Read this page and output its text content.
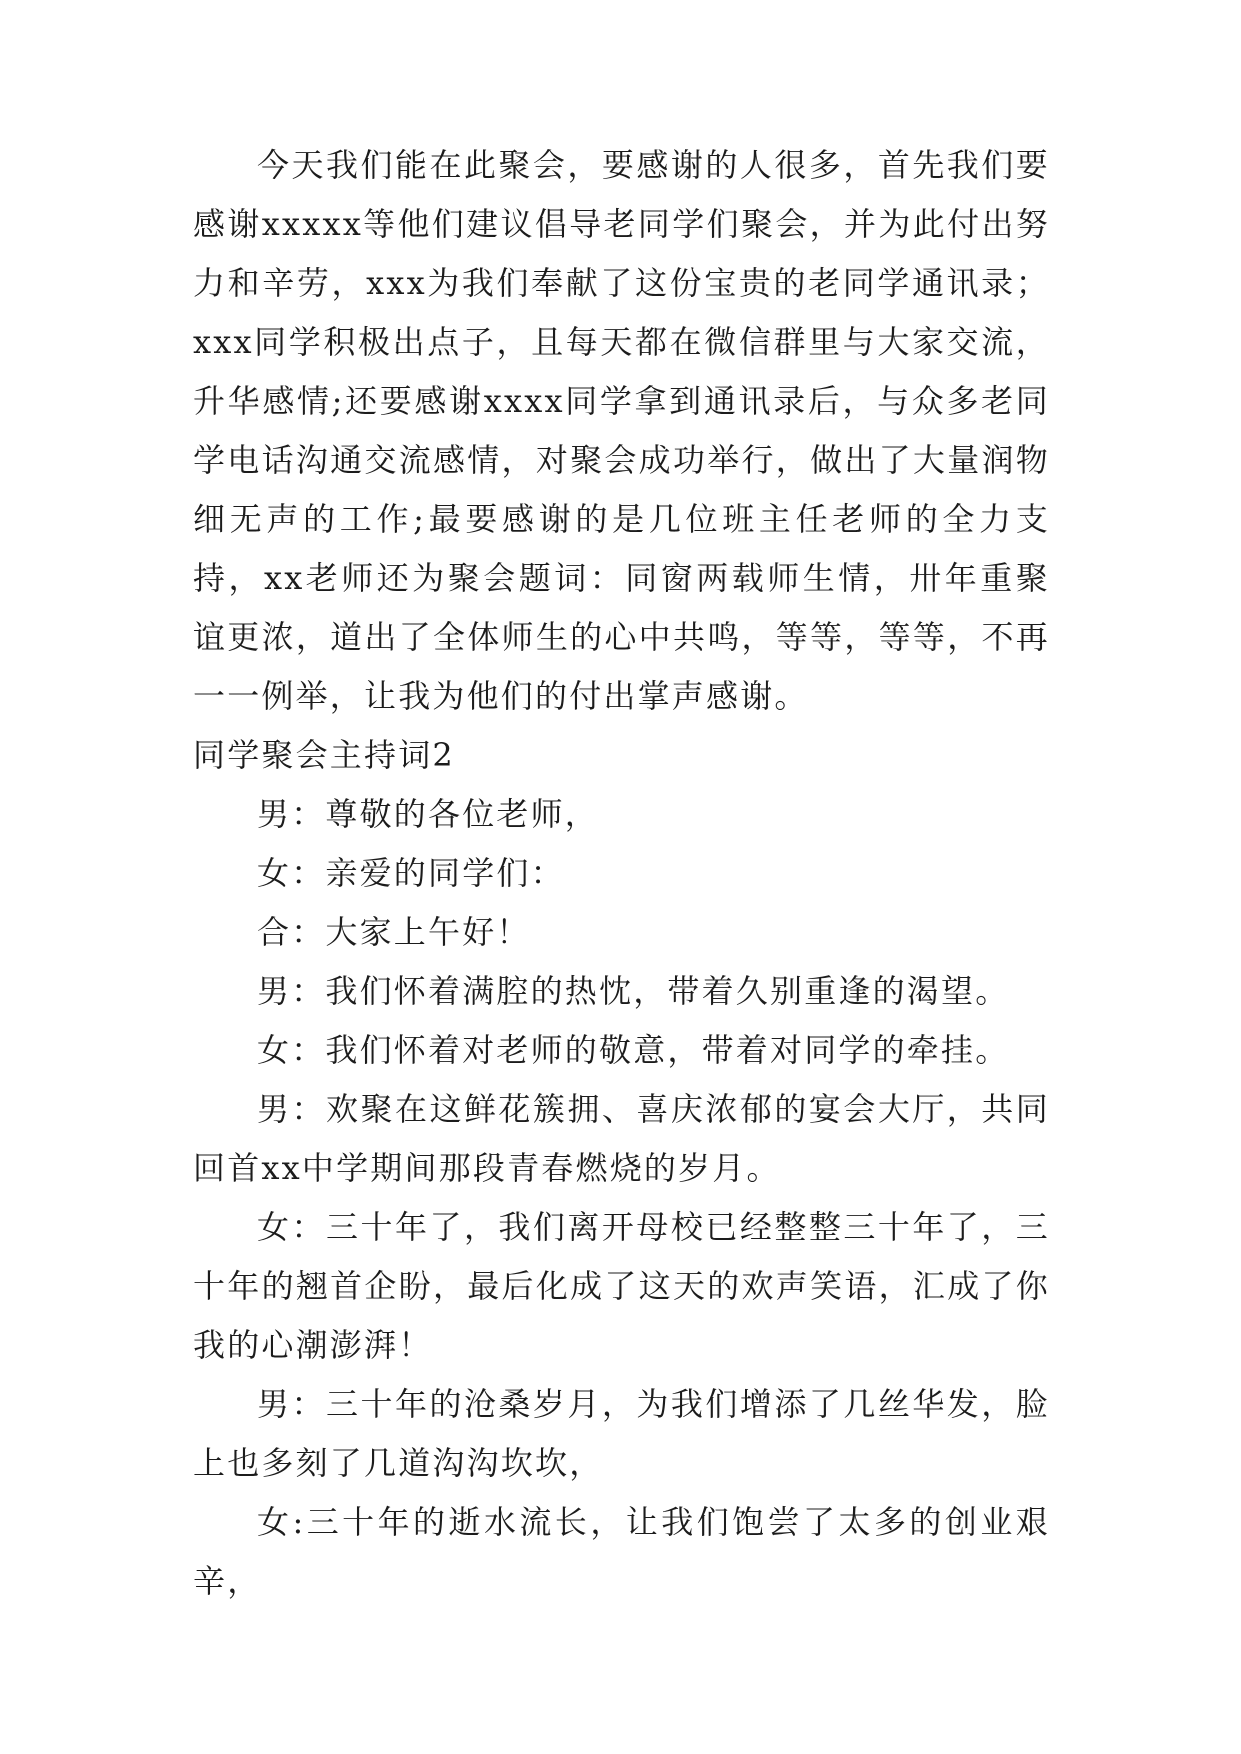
今天我们能在此聚会，要感谢的人很多，首先我们要感谢xxxxx等他们建议倡导老同学们聚会，并为此付出努力和辛劳，xxx为我们奉献了这份宝贵的老同学通讯录；xxx同学积极出点子，且每天都在微信群里与大家交流，升华感情;还要感谢xxxx同学拿到通讯录后，与众多老同学电话沟通交流感情，对聚会成功举行，做出了大量润物细无声的工作;最要感谢的是几位班主任老师的全力支持，xx老师还为聚会题词：同窗两载师生情，卅年重聚谊更浓，道出了全体师生的心中共鸣，等等，等等，不再一一例举，让我为他们的付出掌声感谢。

同学聚会主持词2

男：尊敬的各位老师，

女：亲爱的同学们：

合：大家上午好！

男：我们怀着满腔的热忱，带着久别重逢的渴望。

女：我们怀着对老师的敬意，带着对同学的牵挂。

男：欢聚在这鲜花簇拥、喜庆浓郁的宴会大厅，共同回首xx中学期间那段青春燃烧的岁月。

女：三十年了，我们离开母校已经整整三十年了，三十年的翘首企盼，最后化成了这天的欢声笑语，汇成了你我的心潮澎湃！

男：三十年的沧桑岁月，为我们增添了几丝华发，脸上也多刻了几道沟沟坎坎，

女:三十年的逝水流长，让我们饱尝了太多的创业艰辛，
